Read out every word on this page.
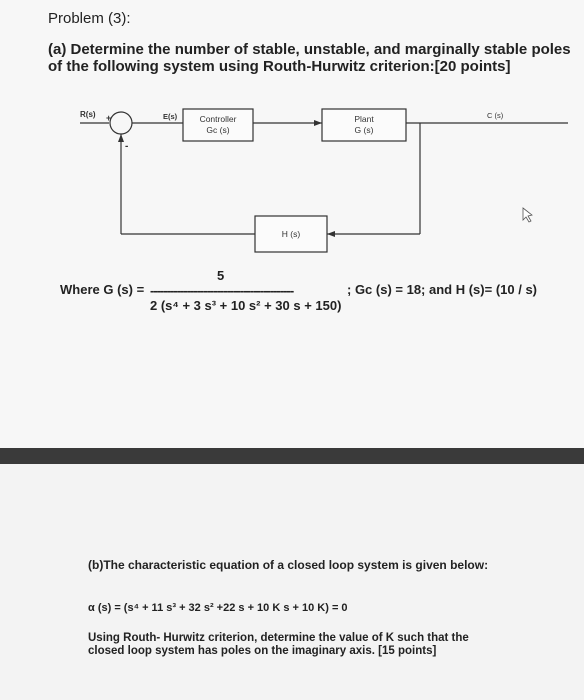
Problem (3):
(a) Determine the number of stable, unstable, and marginally stable poles
of the following system using Routh-Hurwitz criterion:[20 points]
R(s)	E(s)	Controller
Gc (s)
Plant
G (s)
C (s)
H (s)
+
-
Where G (s) =
5
-------------------------------------------
2 (s⁴ + 3 s³ + 10 s² + 30 s + 150)
; Gc (s) = 18; and H (s)= (10 / s)
(b)The characteristic equation of a closed loop system is given below:
α (s) = (s⁴ + 11 s³ + 32 s² +22 s + 10 K s + 10 K) = 0
Using Routh- Hurwitz criterion, determine the value of K such that the
closed loop system has poles on the imaginary axis. [15 points]
